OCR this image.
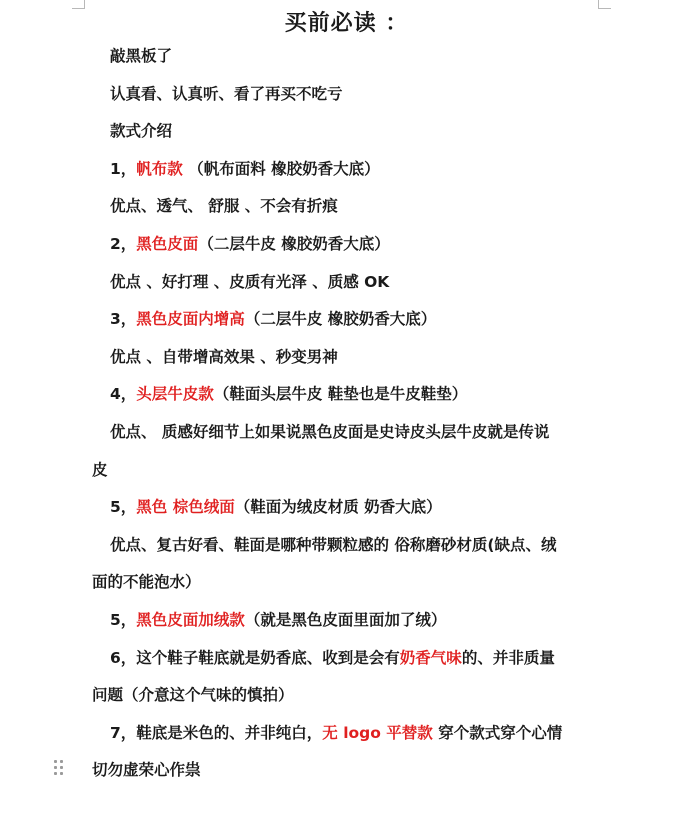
买前必读 ：
敲黑板了
认真看、认真听、看了再买不吃亏
款式介绍
1，帆布款 （帆布面料 橡胶奶香大底）
优点、透气、 舒服 、不会有折痕
2，黑色皮面（二层牛皮 橡胶奶香大底）
优点 、好打理 、皮质有光泽 、质感 OK
3，黑色皮面内增高（二层牛皮 橡胶奶香大底）
优点 、自带增高效果 、秒变男神
4，头层牛皮款（鞋面头层牛皮 鞋垫也是牛皮鞋垫）
优点、 质感好细节上如果说黑色皮面是史诗皮头层牛皮就是传说
皮
5，黑色 棕色绒面（鞋面为绒皮材质 奶香大底）
优点、复古好看、鞋面是哪种带颗粒感的 俗称磨砂材质(缺点、绒
面的不能泡水）
5，黑色皮面加绒款（就是黑色皮面里面加了绒）
6，这个鞋子鞋底就是奶香底、收到是会有奶香气味的、并非质量
问题（介意这个气味的慎拍）
7，鞋底是米色的、并非纯白，无 logo 平替款 穿个款式穿个心情
切勿虚荣心作祟
